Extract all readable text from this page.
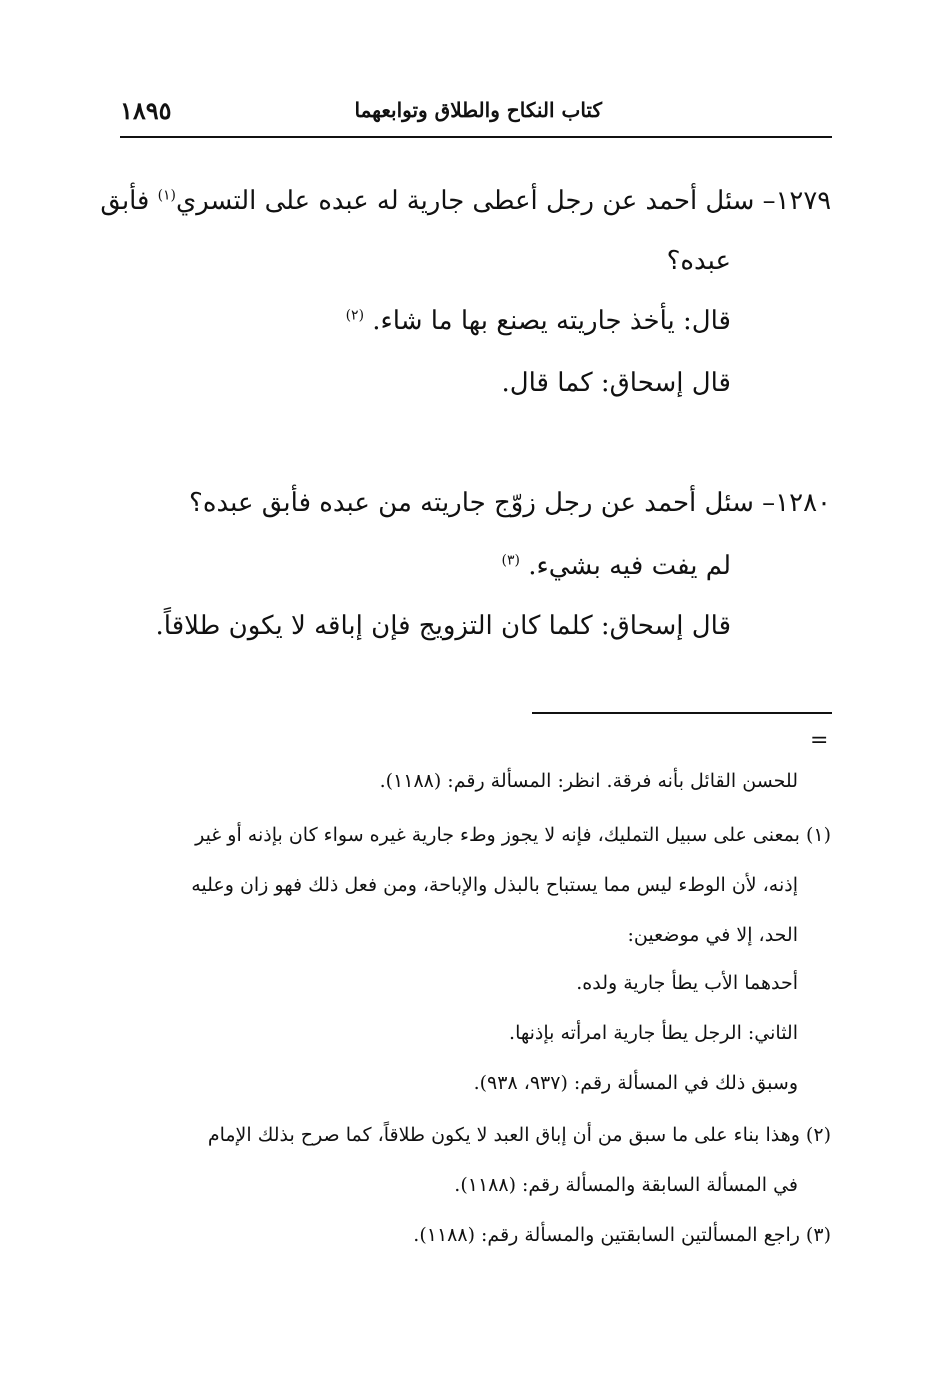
كتاب النكاح والطلاق وتوابعهما
١٨٩٥
١٢٧٩– سئل أحمد عن رجل أعطى جارية له عبده على التسري$^{(١)}$ فأبق
عبده؟
قال: يأخذ جاريته يصنع بها ما شاء. $^{(٢)}$
قال إسحاق: كما قال.
١٢٨٠– سئل أحمد عن رجل زوّج جاريته من عبده فأبق عبده؟
لم يفت فيه بشيء. $^{(٣)}$
قال إسحاق: كلما كان التزويج فإن إباقه لا يكون طلاقاً.
=
للحسن القائل بأنه فرقة. انظر: المسألة رقم: (١١٨٨).
(١) بمعنى على سبيل التمليك، فإنه لا يجوز وطء جارية غيره سواء كان بإذنه أو غير
إذنه، لأن الوطء ليس مما يستباح بالبذل والإباحة، ومن فعل ذلك فهو زان وعليه
الحد، إلا في موضعين:
أحدهما الأب يطأ جارية ولده.
الثاني: الرجل يطأ جارية امرأته بإذنها.
وسبق ذلك في المسألة رقم: (٩٣٧، ٩٣٨).
(٢) وهذا بناء على ما سبق من أن إباق العبد لا يكون طلاقاً، كما صرح بذلك الإمام
في المسألة السابقة والمسألة رقم: (١١٨٨).
(٣) راجع المسألتين السابقتين والمسألة رقم: (١١٨٨).
